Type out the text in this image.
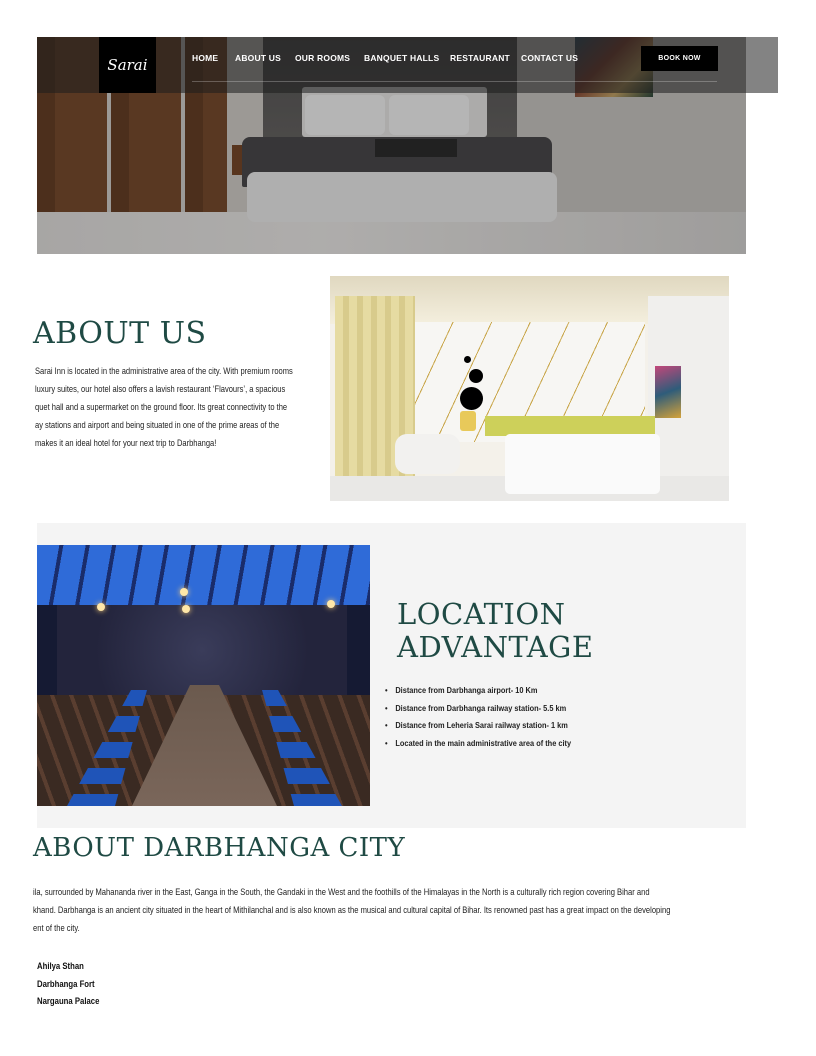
Sarai	HOME ABOUT US OUR ROOMS BANQUET HALLS RESTAURANT CONTACT US	BOOK NOW
ABOUT US
Sarai Inn is located in the administrative area of the city. With premium rooms
luxury suites, our hotel also offers a lavish restaurant ‘Flavours’, a spacious
quet hall and a supermarket on the ground floor. Its great connectivity to the
ay stations and airport and being situated in one of the prime areas of the
makes it an ideal hotel for your next trip to Darbhanga!
LOCATION
ADVANTAGE
• Distance from Darbhanga airport- 10 Km
• Distance from Darbhanga railway station- 5.5 km
• Distance from Leheria Sarai railway station- 1 km
• Located in the main administrative area of the city
ABOUT DARBHANGA CITY
ila, surrounded by Mahananda river in the East, Ganga in the South, the Gandaki in the West and the foothills of the Himalayas in the North is a culturally rich region covering Bihar and
khand. Darbhanga is an ancient city situated in the heart of Mithilanchal and is also known as the musical and cultural capital of Bihar. Its renowned past has a great impact on the developing
ent of the city.
Ahilya Sthan
Darbhanga Fort
Nargauna Palace
